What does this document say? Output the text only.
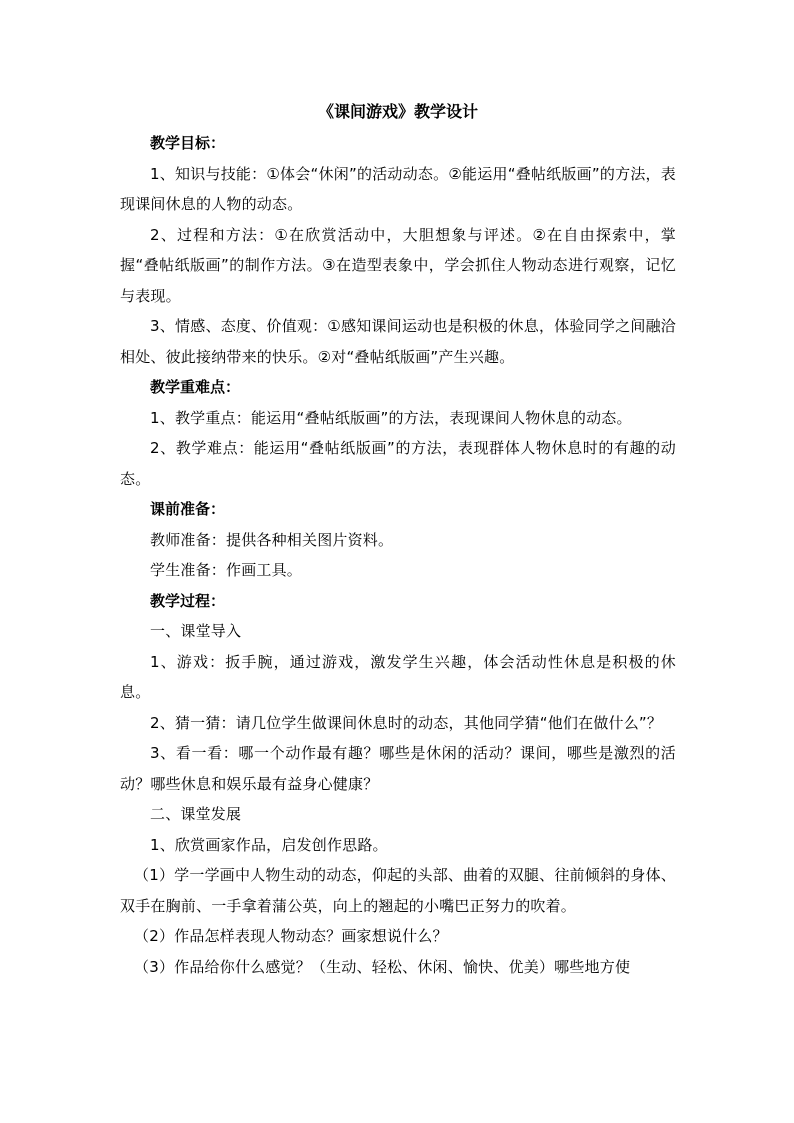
《课间游戏》教学设计

教学目标：

1、知识与技能：①体会“休闲”的活动动态。②能运用“叠帖纸版画”的方法，表现课间休息的人物的动态。

2、过程和方法：①在欣赏活动中，大胆想象与评述。②在自由探索中，掌握“叠帖纸版画”的制作方法。③在造型表象中，学会抓住人物动态进行观察，记忆与表现。

3、情感、态度、价值观：①感知课间运动也是积极的休息，体验同学之间融洽相处、彼此接纳带来的快乐。②对“叠帖纸版画”产生兴趣。

教学重难点：

1、教学重点：能运用“叠帖纸版画”的方法，表现课间人物休息的动态。

2、教学难点：能运用“叠帖纸版画”的方法，表现群体人物休息时的有趣的动态。

课前准备：

教师准备：提供各种相关图片资料。

学生准备：作画工具。

教学过程：

一、课堂导入

1、游戏：扳手腕，通过游戏，激发学生兴趣，体会活动性休息是积极的休息。

2、猜一猜：请几位学生做课间休息时的动态，其他同学猜“他们在做什么”？

3、看一看：哪一个动作最有趣？哪些是休闲的活动？课间，哪些是激烈的活动？哪些休息和娱乐最有益身心健康？

二、课堂发展

1、欣赏画家作品，启发创作思路。

（1）学一学画中人物生动的动态，仰起的头部、曲着的双腿、往前倾斜的身体、双手在胸前、一手拿着蒲公英，向上的翘起的小嘴巴正努力的吹着。

（2）作品怎样表现人物动态？画家想说什么？

（3）作品给你什么感觉？（生动、轻松、休闲、愉快、优美）哪些地方使
